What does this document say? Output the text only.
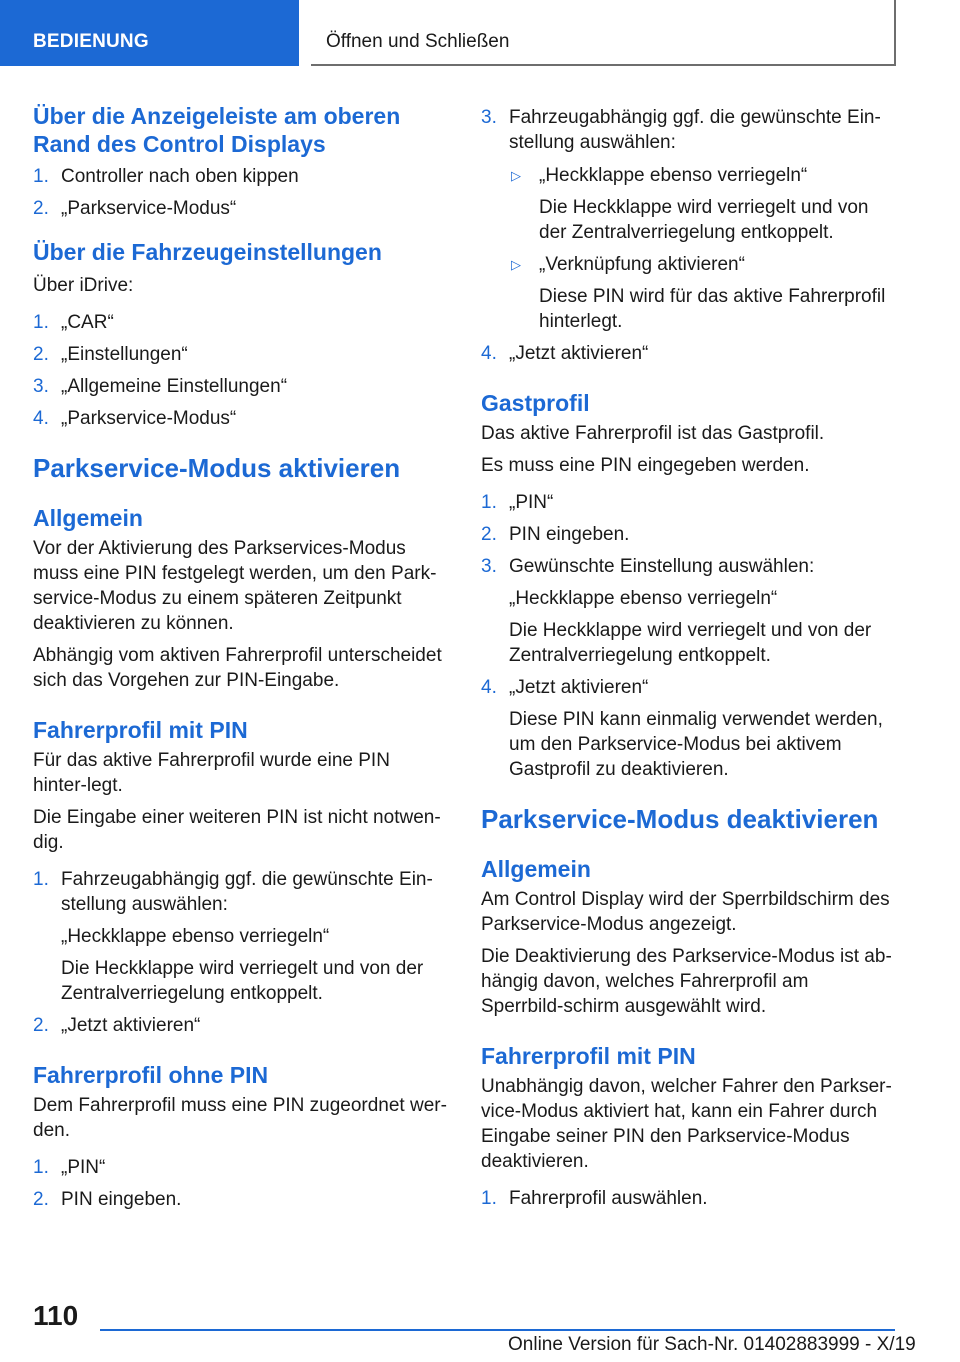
BEDIENUNG	Öffnen und Schließen
Über die Anzeigeleiste am oberen Rand des Control Displays
1. Controller nach oben kippen
2. „Parkservice-Modus“
Über die Fahrzeugeinstellungen

Über iDrive:

1. „CAR“
2. „Einstellungen“
3. „Allgemeine Einstellungen“
4. „Parkservice-Modus“
Parkservice-Modus aktivieren
Allgemein

Vor der Aktivierung des Parkservices-Modus muss eine PIN festgelegt werden, um den Park-service-Modus zu einem späteren Zeitpunkt deaktivieren zu können.

Abhängig vom aktiven Fahrerprofil unterscheidet sich das Vorgehen zur PIN-Eingabe.

Fahrerprofil mit PIN

Für das aktive Fahrerprofil wurde eine PIN hinter-legt.

Die Eingabe einer weiteren PIN ist nicht notwen-dig.

1. Fahrzeugabhängig ggf. die gewünschte Ein-stellung auswählen:
„Heckklappe ebenso verriegeln“
Die Heckklappe wird verriegelt und von der Zentralverriegelung entkoppelt.
2. „Jetzt aktivieren“
Fahrerprofil ohne PIN

Dem Fahrerprofil muss eine PIN zugeordnet wer-den.

1. „PIN“
2. PIN eingeben.
3. Fahrzeugabhängig ggf. die gewünschte Ein-stellung auswählen:
▷ „Heckklappe ebenso verriegeln“
Die Heckklappe wird verriegelt und von der Zentralverriegelung entkoppelt.
▷ „Verknüpfung aktivieren“
Diese PIN wird für das aktive Fahrerprofil hinterlegt.
4. „Jetzt aktivieren“
Gastprofil

Das aktive Fahrerprofil ist das Gastprofil.

Es muss eine PIN eingegeben werden.

1. „PIN“
2. PIN eingeben.
3. Gewünschte Einstellung auswählen:
„Heckklappe ebenso verriegeln“
Die Heckklappe wird verriegelt und von der Zentralverriegelung entkoppelt.
4. „Jetzt aktivieren“
Diese PIN kann einmalig verwendet werden, um den Parkservice-Modus bei aktivem Gastprofil zu deaktivieren.
Parkservice-Modus deaktivieren
Allgemein

Am Control Display wird der Sperrbildschirm des Parkservice-Modus angezeigt.

Die Deaktivierung des Parkservice-Modus ist ab-hängig davon, welches Fahrerprofil am Sperrbild-schirm ausgewählt wird.

Fahrerprofil mit PIN

Unabhängig davon, welcher Fahrer den Parkser-vice-Modus aktiviert hat, kann ein Fahrer durch Eingabe seiner PIN den Parkservice-Modus deaktivieren.

1. Fahrerprofil auswählen.
110
Online Version für Sach-Nr. 01402883999 - X/19
